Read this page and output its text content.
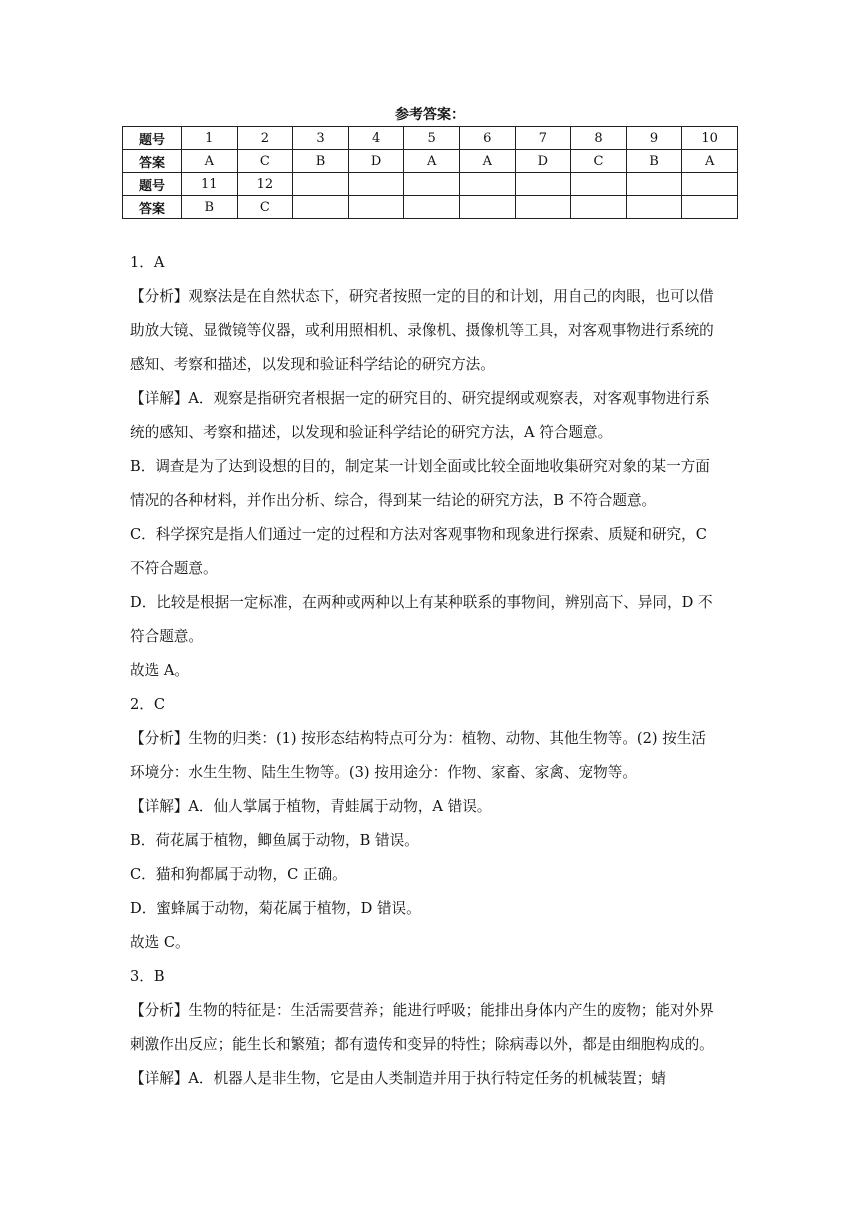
参考答案：
题号	1	2	3	4	5	6	7	8	9	10
答案	A	C	B	D	A	A	D	C	B	A
题号	11	12								
答案	B	C								

1．A

【分析】观察法是在自然状态下，研究者按照一定的目的和计划，用自己的肉眼，也可以借

助放大镜、显微镜等仪器，或利用照相机、录像机、摄像机等工具，对客观事物进行系统的

感知、考察和描述，以发现和验证科学结论的研究方法。

【详解】A．观察是指研究者根据一定的研究目的、研究提纲或观察表，对客观事物进行系

统的感知、考察和描述，以发现和验证科学结论的研究方法，A 符合题意。

B．调查是为了达到设想的目的，制定某一计划全面或比较全面地收集研究对象的某一方面

情况的各种材料，并作出分析、综合，得到某一结论的研究方法，B 不符合题意。

C．科学探究是指人们通过一定的过程和方法对客观事物和现象进行探索、质疑和研究，C

不符合题意。

D．比较是根据一定标准，在两种或两种以上有某种联系的事物间，辨别高下、异同，D 不

符合题意。

故选 A。

2．C

【分析】生物的归类：(1) 按形态结构特点可分为：植物、动物、其他生物等。(2) 按生活

环境分：水生生物、陆生生物等。(3) 按用途分：作物、家畜、家禽、宠物等。

【详解】A．仙人掌属于植物，青蛙属于动物，A 错误。

B．荷花属于植物，鲫鱼属于动物，B 错误。

C．猫和狗都属于动物，C 正确。

D．蜜蜂属于动物，菊花属于植物，D 错误。

故选 C。

3．B

【分析】生物的特征是：生活需要营养；能进行呼吸；能排出身体内产生的废物；能对外界

刺激作出反应；能生长和繁殖；都有遗传和变异的特性；除病毒以外，都是由细胞构成的。

【详解】A．机器人是非生物，它是由人类制造并用于执行特定任务的机械装置；蜻
